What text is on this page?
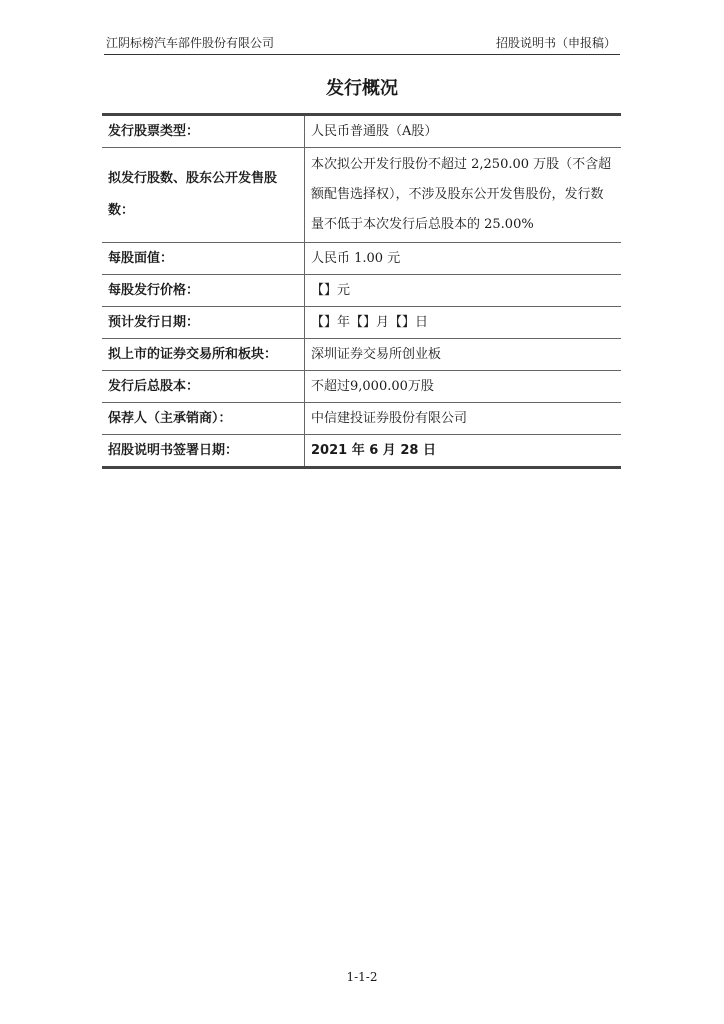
江阴标榜汽车部件股份有限公司	招股说明书（申报稿）
发行概况
发行股票类型：	人民币普通股（A股）
拟发行股数、股东公开发售股数：	本次拟公开发行股份不超过 2,250.00 万股（不含超额配售选择权），不涉及股东公开发售股份，发行数量不低于本次发行后总股本的 25.00%
每股面值：	人民币 1.00 元
每股发行价格：	【】元
预计发行日期：	【】年【】月【】日
拟上市的证券交易所和板块：	深圳证券交易所创业板
发行后总股本：	不超过9,000.00万股
保荐人（主承销商）：	中信建投证券股份有限公司
招股说明书签署日期：	2021 年 6 月 28 日
1-1-2
